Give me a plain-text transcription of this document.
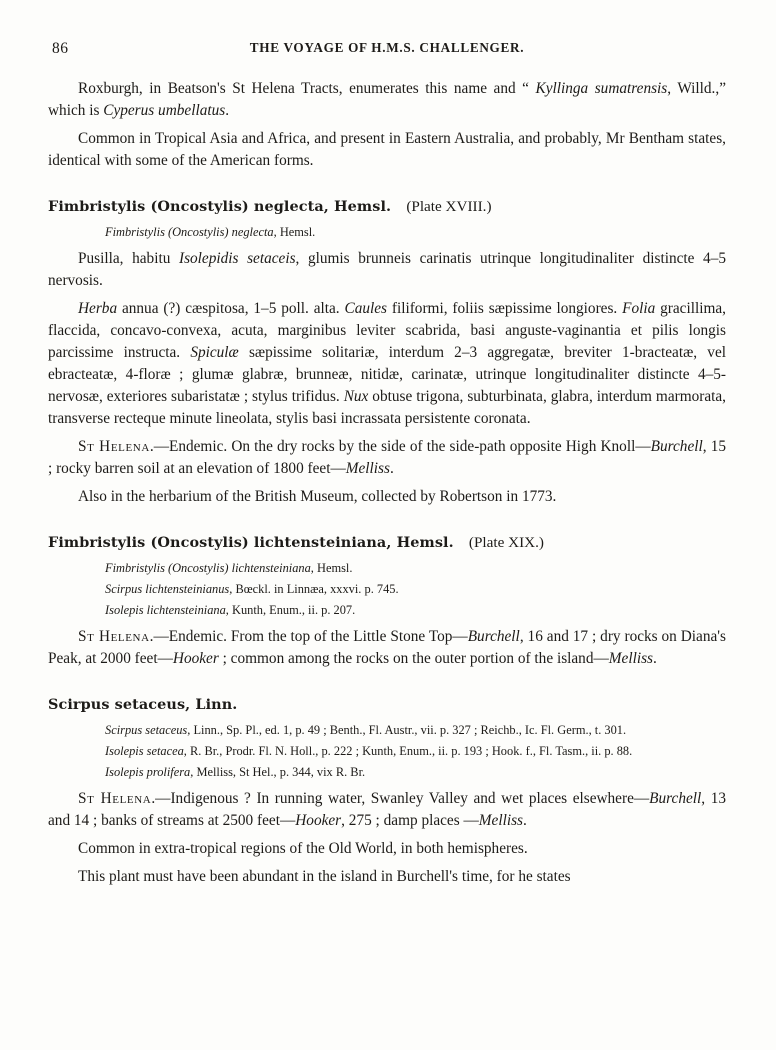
86	THE VOYAGE OF H.M.S. CHALLENGER.

Roxburgh, in Beatson's St Helena Tracts, enumerates this name and “ Kyllinga sumatrensis, Willd.,” which is Cyperus umbellatus.

Common in Tropical Asia and Africa, and present in Eastern Australia, and probably, Mr Bentham states, identical with some of the American forms.

Fimbristylis (Oncostylis) neglecta, Hemsl.  (Plate XVIII.)

Fimbristylis (Oncostylis) neglecta, Hemsl.

Pusilla, habitu Isolepidis setaceis, glumis brunneis carinatis utrinque longitudinaliter distincte 4–5 nervosis.

Herba annua (?) cæspitosa, 1–5 poll. alta. Caules filiformi, foliis sæpissime longiores. Folia gracillima, flaccida, concavo-convexa, acuta, marginibus leviter scabrida, basi anguste-vaginantia et pilis longis parcissime instructa. Spiculæ sæpissime solitariæ, interdum 2–3 aggregatæ, breviter 1-bracteatæ, vel ebracteatæ, 4-floræ ; glumæ glabræ, brunneæ, nitidæ, carinatæ, utrinque longitudinaliter distincte 4–5-nervosæ, exteriores subaristatæ ; stylus trifidus. Nux obtuse trigona, subturbinata, glabra, interdum marmorata, transverse recteque minute lineolata, stylis basi incrassata persistente coronata.

St Helena.—Endemic. On the dry rocks by the side of the side-path opposite High Knoll—Burchell, 15 ; rocky barren soil at an elevation of 1800 feet—Melliss.

Also in the herbarium of the British Museum, collected by Robertson in 1773.

Fimbristylis (Oncostylis) lichtensteiniana, Hemsl.  (Plate XIX.)

Fimbristylis (Oncostylis) lichtensteiniana, Hemsl.

Scirpus lichtensteinianus, Bœckl. in Linnæa, xxxvi. p. 745.

Isolepis lichtensteiniana, Kunth, Enum., ii. p. 207.

St Helena.—Endemic. From the top of the Little Stone Top—Burchell, 16 and 17 ; dry rocks on Diana's Peak, at 2000 feet—Hooker ; common among the rocks on the outer portion of the island—Melliss.

Scirpus setaceus, Linn.

Scirpus setaceus, Linn., Sp. Pl., ed. 1, p. 49 ; Benth., Fl. Austr., vii. p. 327 ; Reichb., Ic. Fl. Germ., t. 301.

Isolepis setacea, R. Br., Prodr. Fl. N. Holl., p. 222 ; Kunth, Enum., ii. p. 193 ; Hook. f., Fl. Tasm., ii. p. 88.

Isolepis prolifera, Melliss, St Hel., p. 344, vix R. Br.

St Helena.—Indigenous ? In running water, Swanley Valley and wet places elsewhere—Burchell, 13 and 14 ; banks of streams at 2500 feet—Hooker, 275 ; damp places —Melliss.

Common in extra-tropical regions of the Old World, in both hemispheres.

This plant must have been abundant in the island in Burchell's time, for he states
